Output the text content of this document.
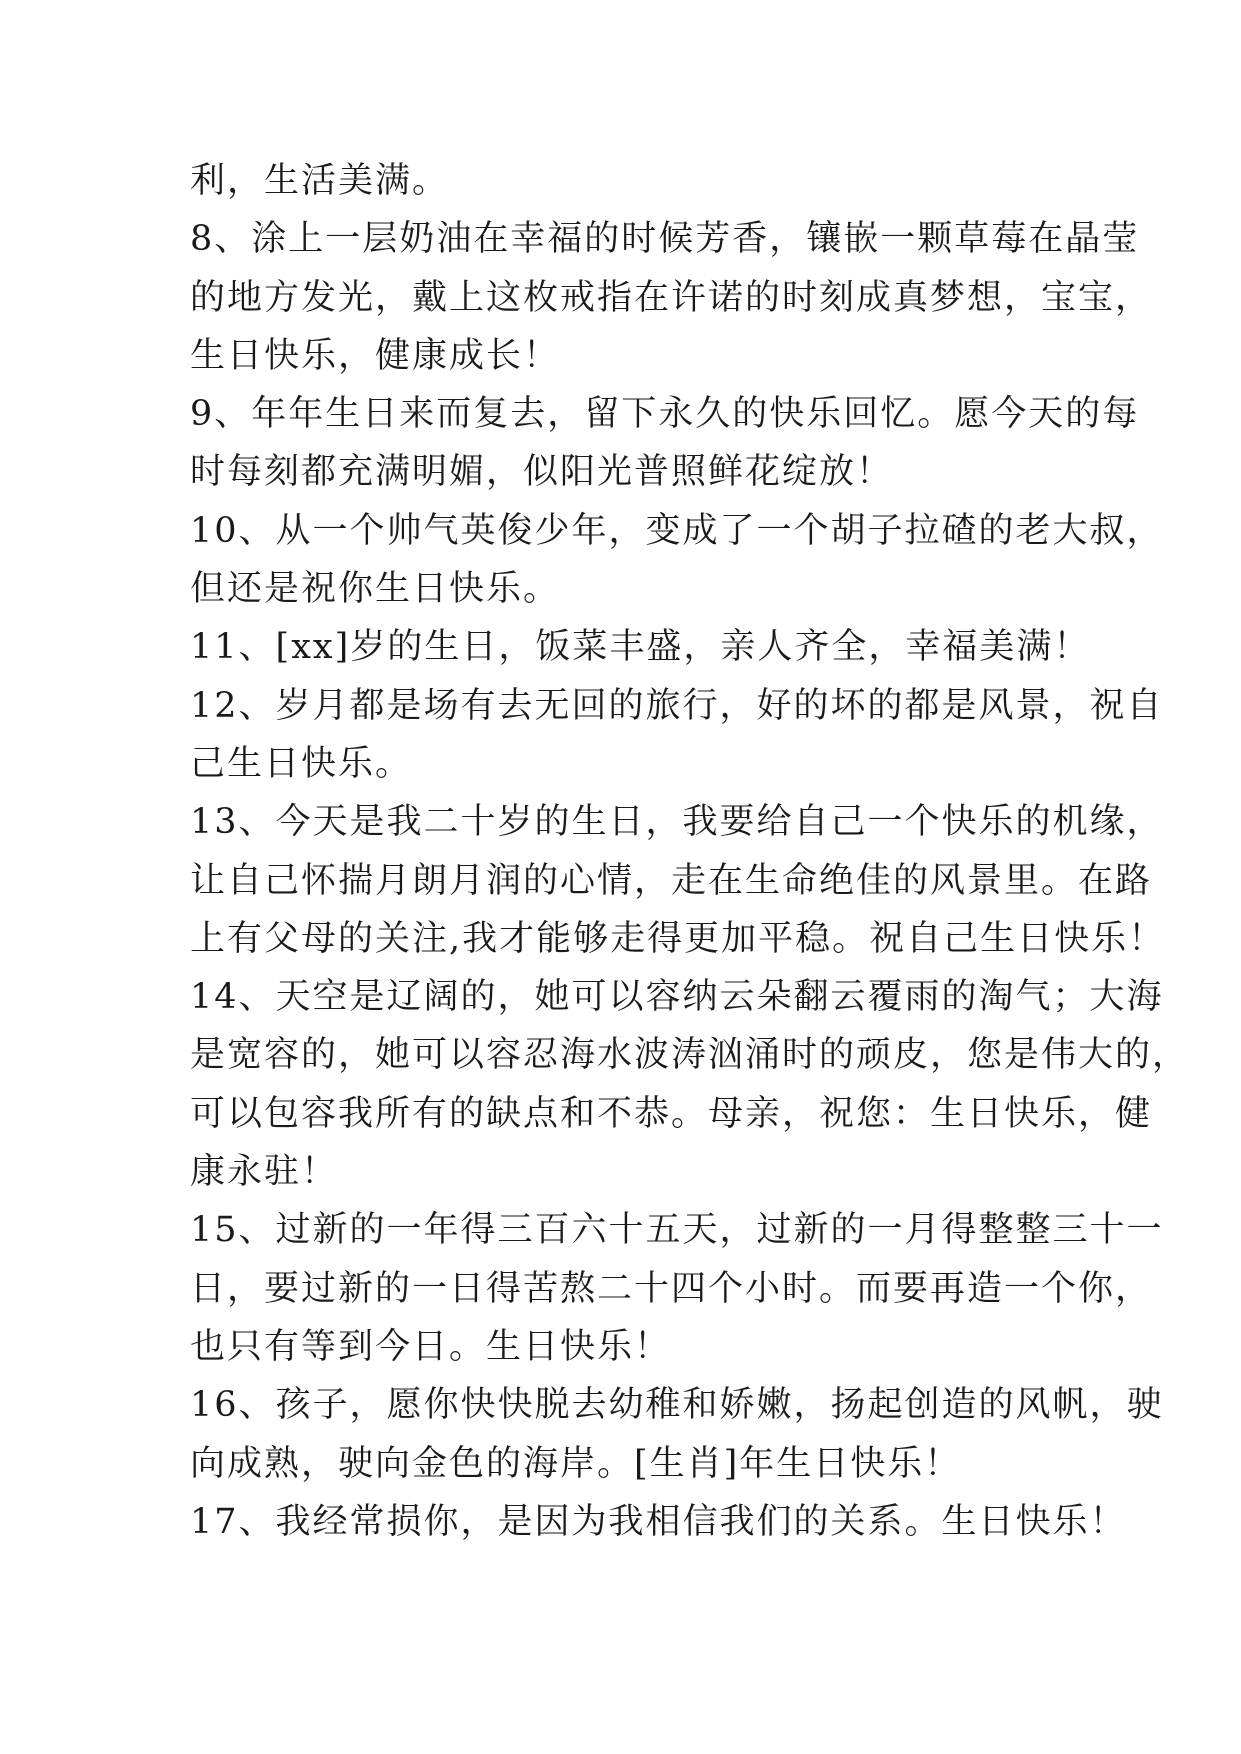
利，生活美满。
8、涂上一层奶油在幸福的时候芳香，镶嵌一颗草莓在晶莹
的地方发光，戴上这枚戒指在许诺的时刻成真梦想，宝宝，
生日快乐，健康成长！
9、年年生日来而复去，留下永久的快乐回忆。愿今天的每
时每刻都充满明媚，似阳光普照鲜花绽放！
10、从一个帅气英俊少年，变成了一个胡子拉碴的老大叔，
但还是祝你生日快乐。
11、[xx]岁的生日，饭菜丰盛，亲人齐全，幸福美满！
12、岁月都是场有去无回的旅行，好的坏的都是风景，祝自
己生日快乐。
13、今天是我二十岁的生日，我要给自己一个快乐的机缘，
让自己怀揣月朗月润的心情，走在生命绝佳的风景里。在路
上有父母的关注,我才能够走得更加平稳。祝自己生日快乐！
14、天空是辽阔的，她可以容纳云朵翻云覆雨的淘气；大海
是宽容的，她可以容忍海水波涛汹涌时的顽皮，您是伟大的，
可以包容我所有的缺点和不恭。母亲，祝您：生日快乐，健
康永驻！
15、过新的一年得三百六十五天，过新的一月得整整三十一
日，要过新的一日得苦熬二十四个小时。而要再造一个你，
也只有等到今日。生日快乐！
16、孩子，愿你快快脱去幼稚和娇嫩，扬起创造的风帆，驶
向成熟，驶向金色的海岸。[生肖]年生日快乐！
17、我经常损你，是因为我相信我们的关系。生日快乐！
